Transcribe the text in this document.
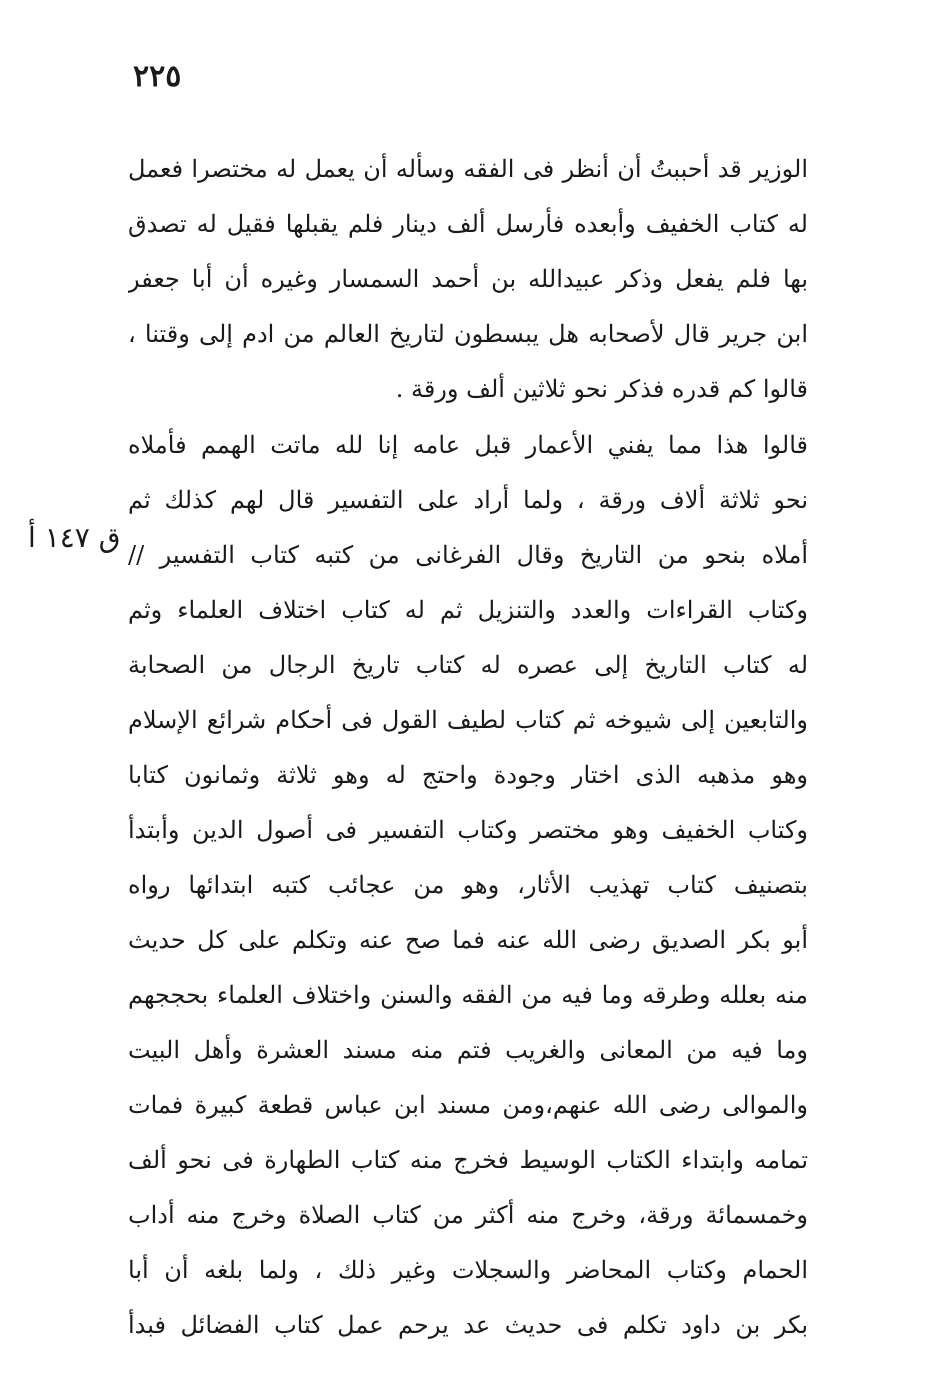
٢٢٥
ق ١٤٧ أ
الوزير قد أحببتُ أن أنظر فى الفقه وسأله أن يعمل له مختصرا فعمل
له كتاب الخفيف وأبعده فأرسل ألف دينار فلم يقبلها فقيل له تصدق
بها فلم يفعل وذكر عبيدالله بن أحمد السمسار وغيره أن أبا جعفر
ابن جرير قال لأصحابه هل يبسطون لتاريخ العالم من ادم إلى وقتنا ،
قالوا كم قدره فذكر نحو ثلاثين ألف ورقة .
قالوا هذا مما يفني الأعمار قبل عامه إنا لله ماتت الهمم فأملاه
نحو ثلاثة ألاف ورقة ، ولما أراد على التفسير قال لهم كذلك ثم
أملاه بنحو من التاريخ وقال الفرغانى من كتبه كتاب التفسير //
وكتاب القراءات والعدد والتنزيل ثم له كتاب اختلاف العلماء وثم
له كتاب التاريخ إلى عصره له كتاب تاريخ الرجال من الصحابة
والتابعين إلى شيوخه ثم كتاب لطيف القول فى أحكام شرائع الإسلام
وهو مذهبه الذى اختار وجودة واحتج له وهو ثلاثة وثمانون كتابا
وكتاب الخفيف وهو مختصر وكتاب التفسير فى أصول الدين وأبتدأ
بتصنيف كتاب تهذيب الأثار، وهو من عجائب كتبه ابتدائها رواه
أبو بكر الصديق رضى الله عنه فما صح عنه وتكلم على كل حديث
منه بعلله وطرقه وما فيه من الفقه والسنن واختلاف العلماء بحججهم
وما فيه من المعانى والغريب فتم منه مسند العشرة وأهل البيت
والموالى رضى الله عنهم،ومن مسند ابن عباس قطعة كبيرة فمات
تمامه وابتداء الكتاب الوسيط فخرج منه كتاب الطهارة فى نحو ألف
وخمسمائة ورقة، وخرج منه أكثر من كتاب الصلاة وخرج منه أداب
الحمام وكتاب المحاضر والسجلات وغير ذلك ، ولما بلغه أن أبا
بكر بن داود تكلم فى حديث عد يرحم عمل كتاب الفضائل فبدأ
